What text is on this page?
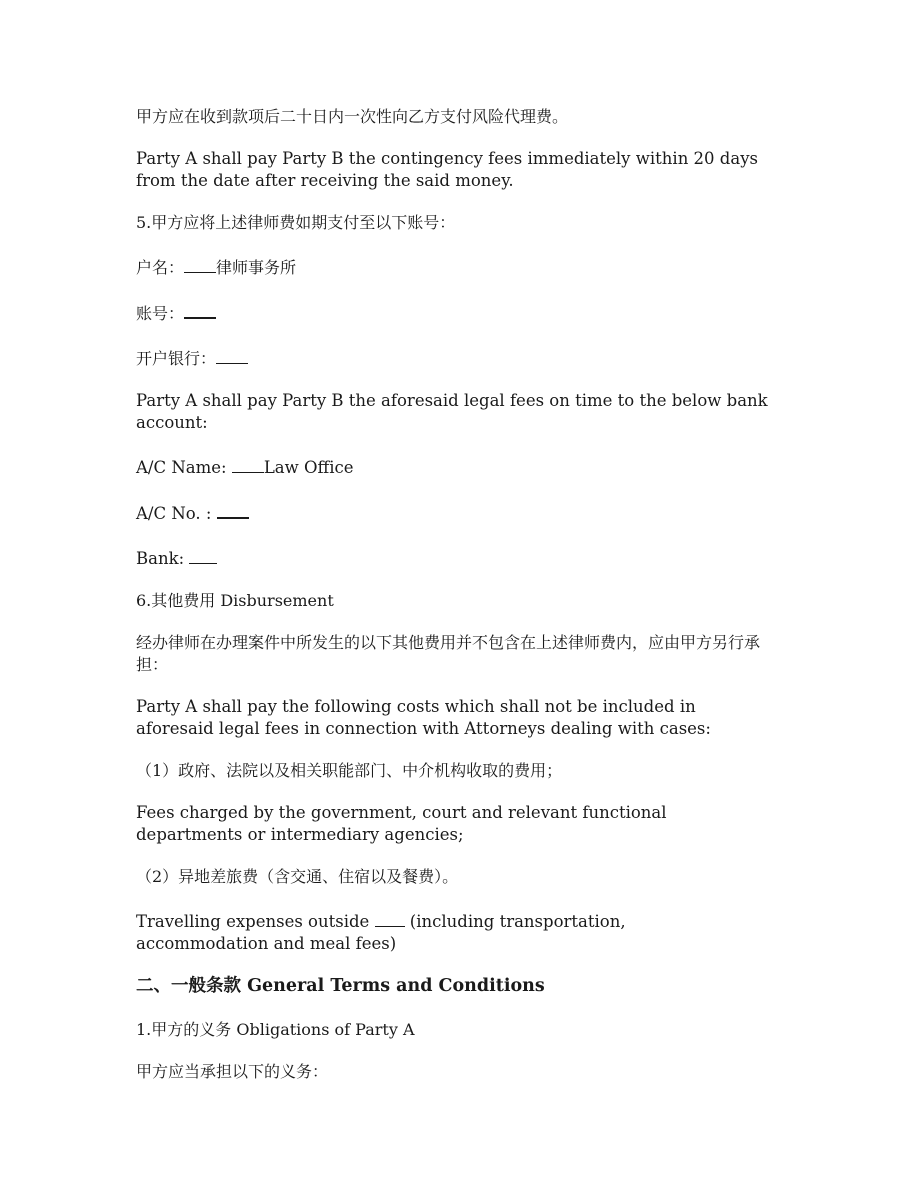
甲方应在收到款项后二十日内一次性向乙方支付风险代理费。

Party A shall pay Party B the contingency fees immediately within 20 days from the date after receiving the said money.

5.甲方应将上述律师费如期支付至以下账号：

户名： 律师事务所

账号：

开户银行：

Party A shall pay Party B the aforesaid legal fees on time to the below bank account:

A/C Name: Law Office

A/C No. :

Bank:

6.其他费用 Disbursement

经办律师在办理案件中所发生的以下其他费用并不包含在上述律师费内，应由甲方另行承担：

Party A shall pay the following costs which shall not be included in aforesaid legal fees in connection with Attorneys dealing with cases:

（1）政府、法院以及相关职能部门、中介机构收取的费用；

Fees charged by the government, court and relevant functional departments or intermediary agencies;

（2）异地差旅费（含交通、住宿以及餐费）。

Travelling expenses outside  (including transportation, accommodation and meal fees)

二、一般条款 General Terms and Conditions

1.甲方的义务 Obligations of Party A

甲方应当承担以下的义务：
